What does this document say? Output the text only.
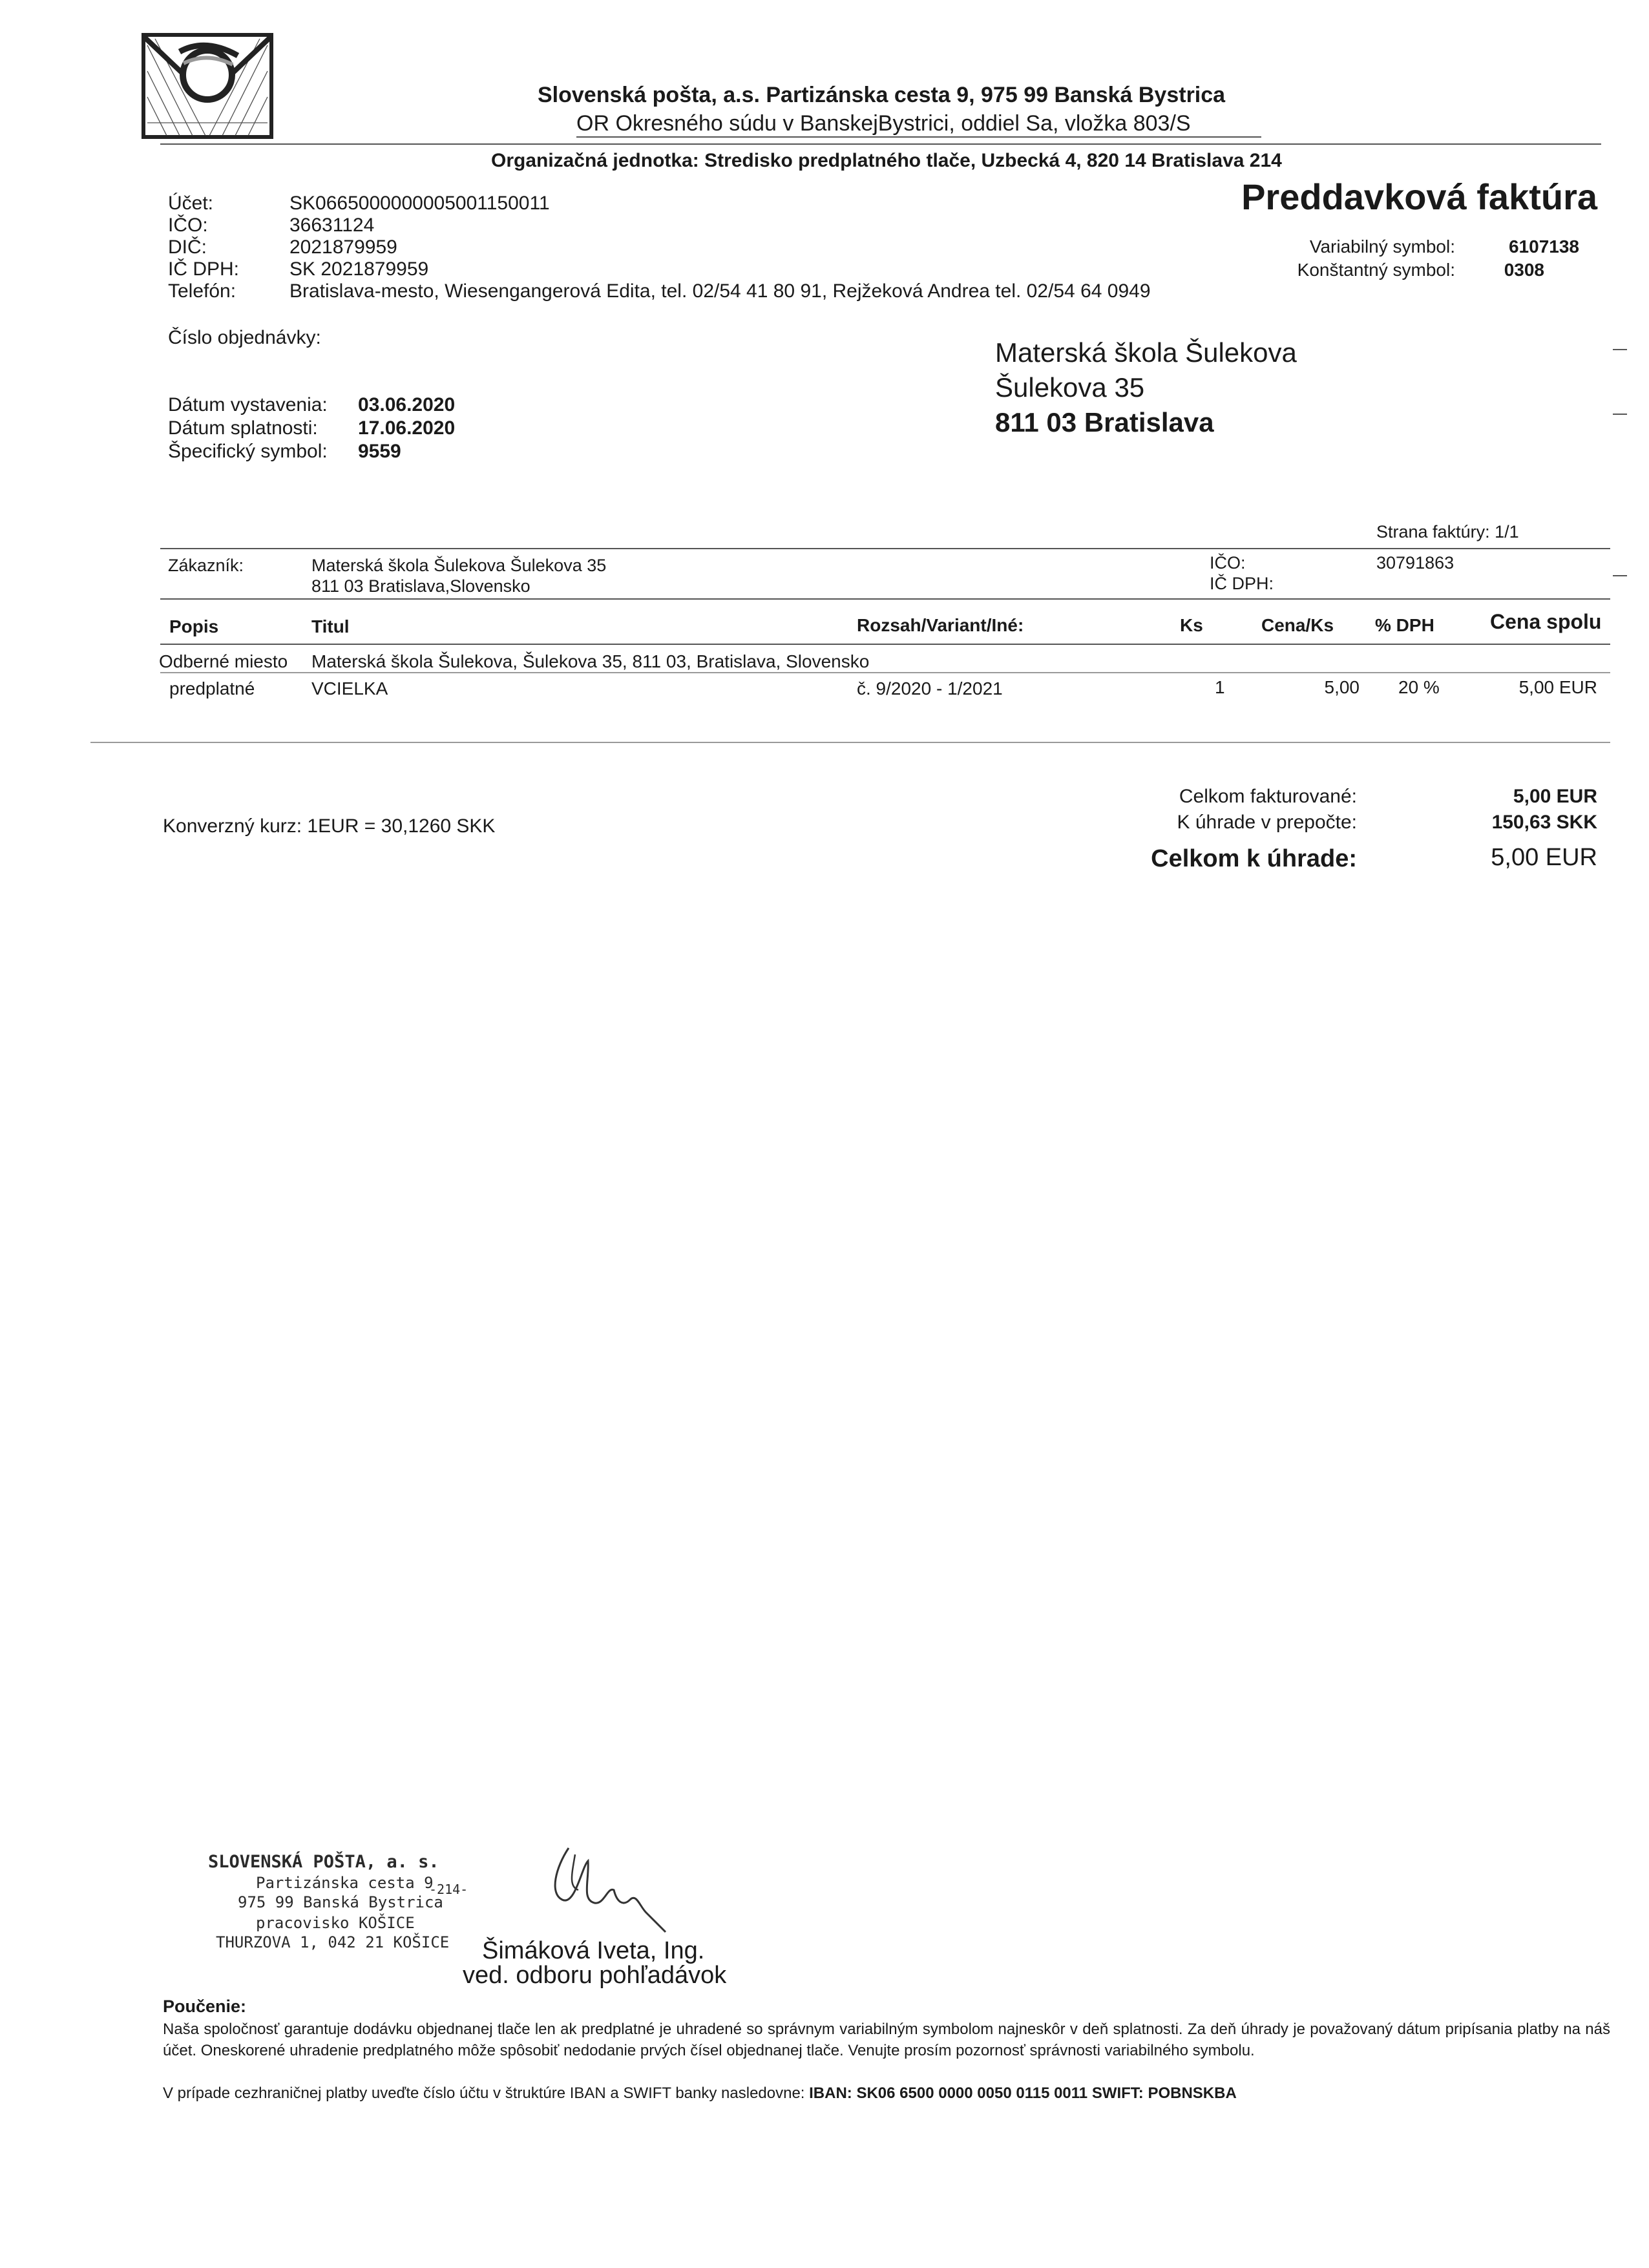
Slovenská pošta, a.s. Partizánska cesta 9, 975 99 Banská Bystrica
OR Okresného súdu v BanskejBystrici, oddiel Sa, vložka 803/S
Organizačná jednotka: Stredisko predplatného tlače, Uzbecká 4, 820 14 Bratislava 214
Účet:	SK0665000000005001150011
IČO:	36631124
DIČ:	2021879959
IČ DPH:	SK 2021879959
Telefón:	Bratislava-mesto, Wiesengangerová Edita, tel. 02/54 41 80 91, Rejžeková Andrea tel. 02/54 64 0949
Preddavková faktúra
Variabilný symbol:	6107138
Konštantný symbol:	0308
Číslo objednávky:
Dátum vystavenia: 03.06.2020
Dátum splatnosti: 17.06.2020
Špecifický symbol: 9559
Materská škola Šulekova
Šulekova 35
811 03 Bratislava
Strana faktúry: 1/1
Zákazník:	Materská škola Šulekova Šulekova 35
811 03 Bratislava,Slovensko
IČO:	30791863
IČ DPH:
Popis	Titul	Rozsah/Variant/Iné:	Ks	Cena/Ks % DPH	Cena spolu
Odberné miesto Materská škola Šulekova, Šulekova 35, 811 03, Bratislava, Slovensko
predplatné	VCIELKA	č. 9/2020 - 1/2021	1	5,00 20 %	5,00 EUR
Konverzný kurz: 1EUR = 30,1260 SKK
Celkom fakturované:	5,00 EUR
K úhrade v prepočte:	150,63 SKK
Celkom k úhrade:	5,00 EUR
SLOVENSKÁ POŠTA, a. s.
Partizánska cesta 9
-214-
975 99 Banská Bystrica
pracovisko KOŠICE
THURZOVA 1, 042 21 KOŠICE Šimáková Iveta, Ing.
ved. odboru pohľadávok
Poučenie:
Naša spoločnosť garantuje dodávku objednanej tlače len ak predplatné je uhradené so správnym variabilným symbolom najneskôr v deň splatnosti. Za deň úhrady je považovaný dátum pripísania platby na náš účet. Oneskorené uhradenie predplatného môže spôsobiť nedodanie prvých čísel objednanej tlače. Venujte prosím pozornosť správnosti variabilného symbolu.
V prípade cezhraničnej platby uveďte číslo účtu v štruktúre IBAN a SWIFT banky nasledovne: IBAN: SK06 6500 0000 0050 0115 0011 SWIFT: POBNSKBA
